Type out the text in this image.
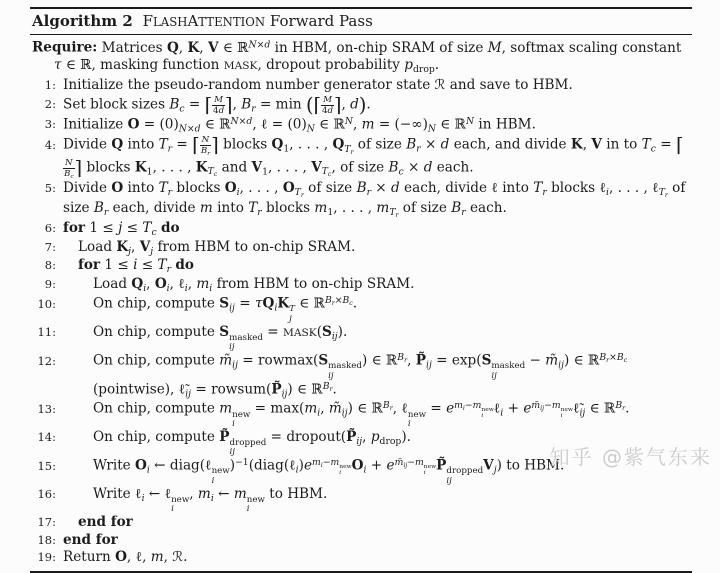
Algorithm 2 FLASHATTENTION Forward Pass
Require: Matrices Q, K, V ∈ ℝ$^{N\times d}$ in HBM, on-chip SRAM of size M, softmax scaling constant τ ∈ ℝ, masking function MASK, dropout probability $p_{drop}$.
1: Initialize the pseudo-random number generator state ℛ and save to HBM.
2: Set block sizes $B_c$ = ⌈ $\frac{M}{4d}$ ⌉, $B_r = \min$ (⌈ $\frac{M}{4d}$ ⌉, d).
3: Initialize $O = (0)_{N\times d}$ ∈ ℝ$^{N\times d}$, ℓ = $(0)_N$ ∈ ℝ$^N$, $m = (-\infty)_N$ ∈ ℝ$^N$ in HBM.
4: Divide Q into $T_r$ = ⌈ $\frac{N}{B_r}$ ⌉ blocks $Q_1$, . . . , $Q_{T_r}$ of size $B_r \times d$ each, and divide K, V in to $T_c$ = ⌈
$\frac{N}{B_c}$ ⌉ blocks $K_1$, . . . , $K_{T_c}$ and $V_1$, . . . , $V_{T_c}$, of size $B_c \times d$ each.
5: Divide O into $T_r$ blocks $O_i$, . . . , $O_{T_r}$ of size $B_r \times d$ each, divide ℓ into $T_r$ blocks ℓ$_i$, . . . , ℓ$_{T_r}$ of size $B_r$ each, divide m into $T_r$ blocks $m_1$, . . . , $m_{T_r}$ of size $B_r$ each.
6: for $1 \le j \le T_c$ do
7:	Load $K_j$, $V_j$ from HBM to on-chip SRAM.
8:	for $1 \le i \le T_r$ do
9:	Load $Q_i$, $O_i$, ℓ$_i$, $m_i$ from HBM to on-chip SRAM.
10:	On chip, compute $S_{ij} = \tau Q_iK$ T
j
∈ ℝ$^{B_r\times B_c}$.
11:	On chip, compute S masked
ij
= $MASK(S_{ij})$.
12:	On chip, compute $m̃_{ij} = rowmax(S$ masked
ij
) ∈ ℝ$^{B_r}$, $P̃_{ij} = \exp(S$ masked
ij
− $m̃_{ij}$) ∈ ℝ$^{B_r\times B_c}$ (pointwise), $\ell̃_{ij}$ = $rowsum(P̃_{ij})$ ∈ ℝ$^{B_r}$.
13:	On chip, compute m new
i
= $\max(m_i$, $m̃_{ij}$) ∈ ℝ$^{B_r}$, ℓ new
i
= $e^{m_i-m new i}$ ℓ$_i$ + $e^{m̃_{ij}-m new i}$ $\ell̃_{ij}$ ∈ ℝ$^{B_r}$.
14:	On chip, compute P̃ dropped
ij
= $dropout(P̃_{ij}$, $p_{drop}$).
15:	Write $O_i$ ← diag(ℓ new
i
)$^{-1}(diag(\ell_i)e^{m_i-m new i}$ $O_i + e^{m̃_{ij}-m new i}$ P̃ dropped
ij
$V_j$) to HBM.
16:	Write ℓ$_i$ ← ℓ new
i
, $m_i$ ← m new
i
to HBM.
17:	end for
18: end for
19: Return O, ℓ, m, ℛ.
知乎 @紫气东来
